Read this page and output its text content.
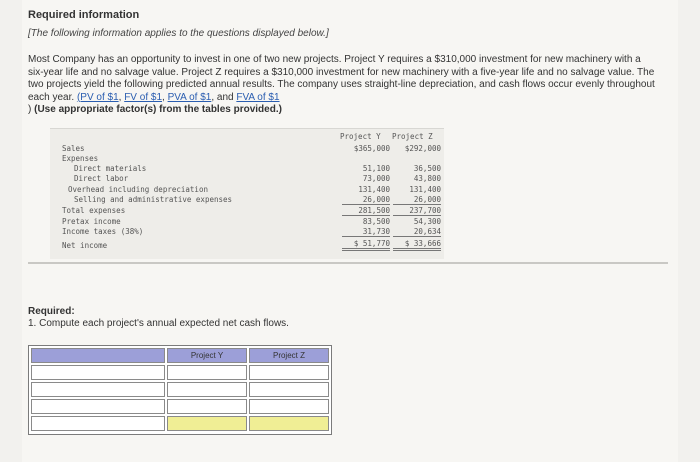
Required information
[The following information applies to the questions displayed below.]
Most Company has an opportunity to invest in one of two new projects. Project Y requires a $310,000 investment for new machinery with a six-year life and no salvage value. Project Z requires a $310,000 investment for new machinery with a five-year life and no salvage value. The two projects yield the following predicted annual results. The company uses straight-line depreciation, and cash flows occur evenly throughout each year. (PV of $1, FV of $1, PVA of $1, and FVA of $1
) (Use appropriate factor(s) from the tables provided.)
Project Y Project Z
Sales	$365,000	$292,000
Expenses
Direct materials	51,100	36,500
Direct labor	73,000	43,800
Overhead including depreciation	131,400	131,400
Selling and administrative expenses	26,000	26,000
Total expenses	281,500	237,700
Pretax income	83,500	54,300
Income taxes (38%)	31,730	20,634
Net income	$ 51,770	$ 33,666
Required:
1. Compute each project's annual expected net cash flows.
Project Y	Project Z
